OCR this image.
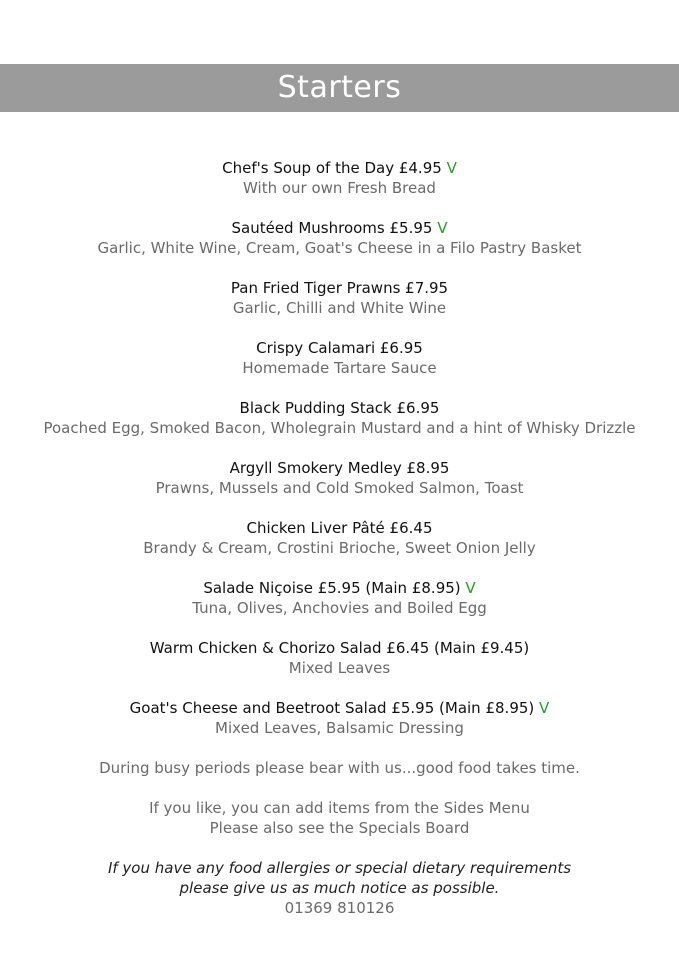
Starters
Chef's Soup of the Day £4.95 V
With our own Fresh Bread
Sautéed Mushrooms £5.95 V
Garlic, White Wine, Cream, Goat's Cheese in a Filo Pastry Basket
Pan Fried Tiger Prawns £7.95
Garlic, Chilli and White Wine
Crispy Calamari £6.95
Homemade Tartare Sauce
Black Pudding Stack £6.95
Poached Egg, Smoked Bacon, Wholegrain Mustard and a hint of Whisky Drizzle
Argyll Smokery Medley £8.95
Prawns, Mussels and Cold Smoked Salmon, Toast
Chicken Liver Pâté £6.45
Brandy & Cream, Crostini Brioche, Sweet Onion Jelly
Salade Niçoise £5.95 (Main £8.95) V
Tuna, Olives, Anchovies and Boiled Egg
Warm Chicken & Chorizo Salad £6.45 (Main £9.45)
Mixed Leaves
Goat's Cheese and Beetroot Salad £5.95 (Main £8.95) V
Mixed Leaves, Balsamic Dressing
During busy periods please bear with us...good food takes time.
If you like, you can add items from the Sides Menu
Please also see the Specials Board
If you have any food allergies or special dietary requirements
please give us as much notice as possible.
01369 810126
